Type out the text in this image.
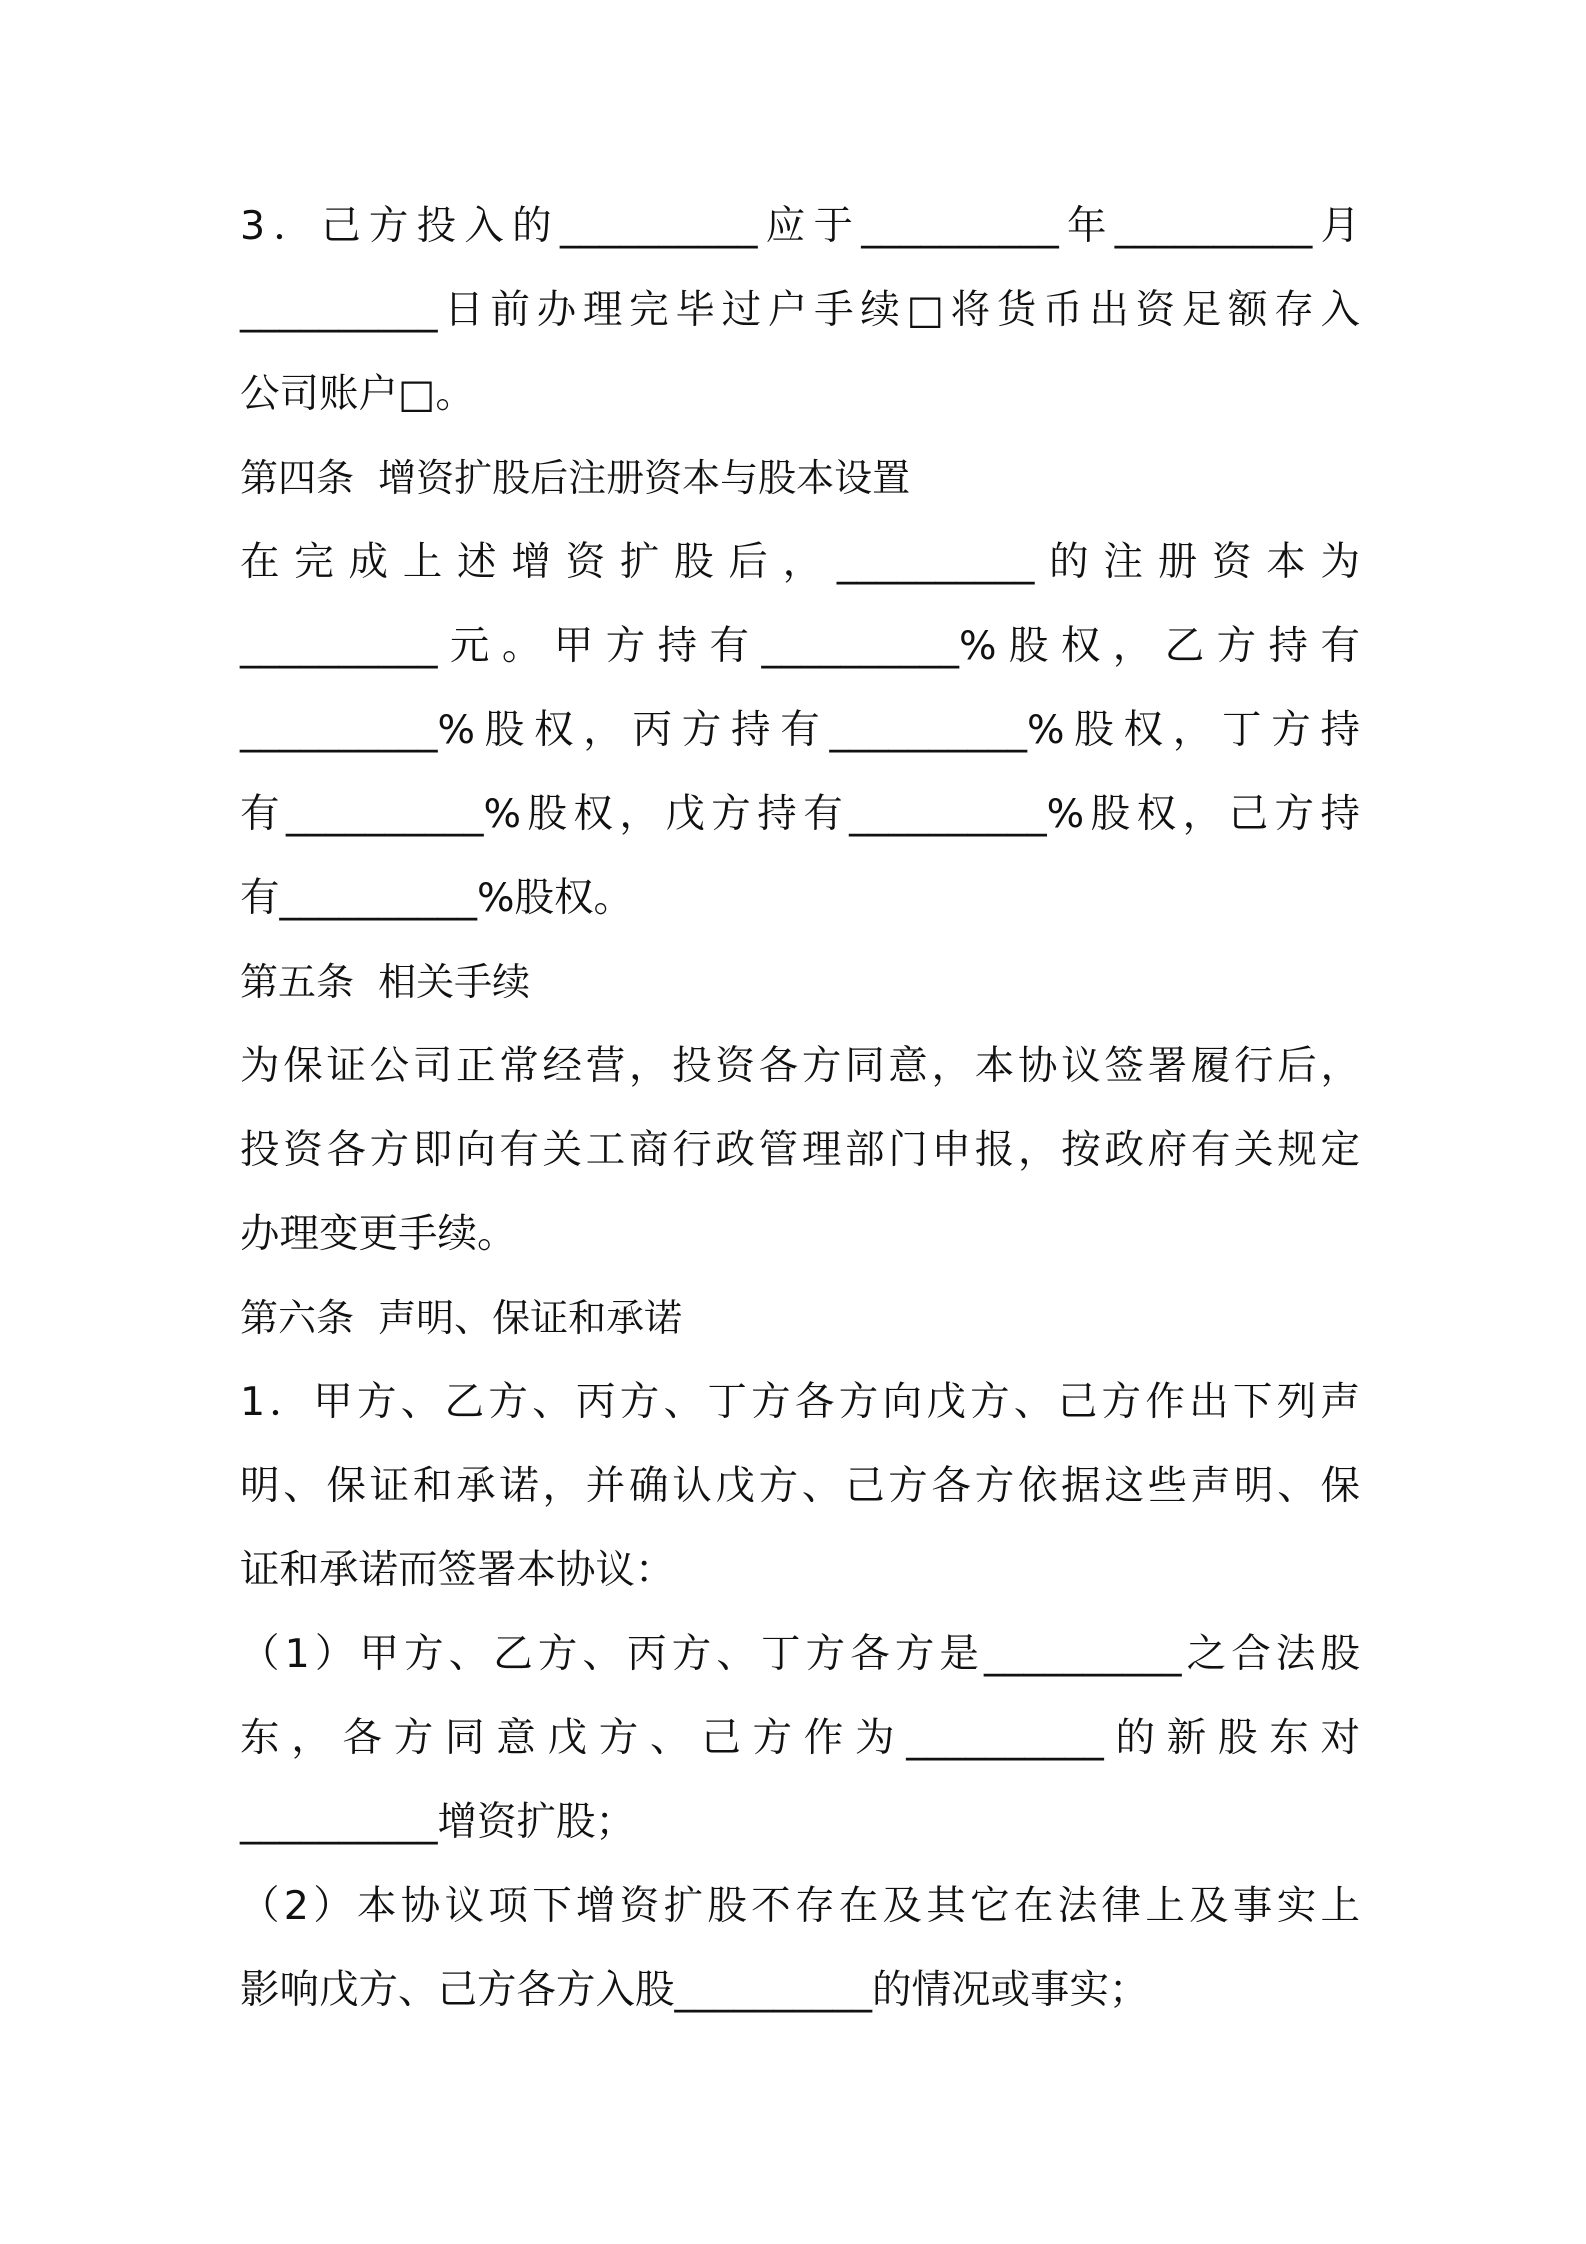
3．己方投入的__________应于__________年__________月
__________日前办理完毕过户手续□将货币出资足额存入
公司账户□。
第四条  增资扩股后注册资本与股本设置
在完成上述增资扩股后，__________的注册资本为
__________元。甲方持有__________%股权，乙方持有
__________%股权，丙方持有__________%股权，丁方持
有__________%股权，戊方持有__________%股权，己方持
有__________%股权。
第五条  相关手续
为保证公司正常经营，投资各方同意，本协议签署履行后，
投资各方即向有关工商行政管理部门申报，按政府有关规定
办理变更手续。
第六条  声明、保证和承诺
1．甲方、乙方、丙方、丁方各方向戊方、己方作出下列声
明、保证和承诺，并确认戊方、己方各方依据这些声明、保
证和承诺而签署本协议：
（1）甲方、乙方、丙方、丁方各方是__________之合法股
东，各方同意戊方、己方作为__________的新股东对
__________增资扩股；
（2）本协议项下增资扩股不存在及其它在法律上及事实上
影响戊方、己方各方入股__________的情况或事实；
